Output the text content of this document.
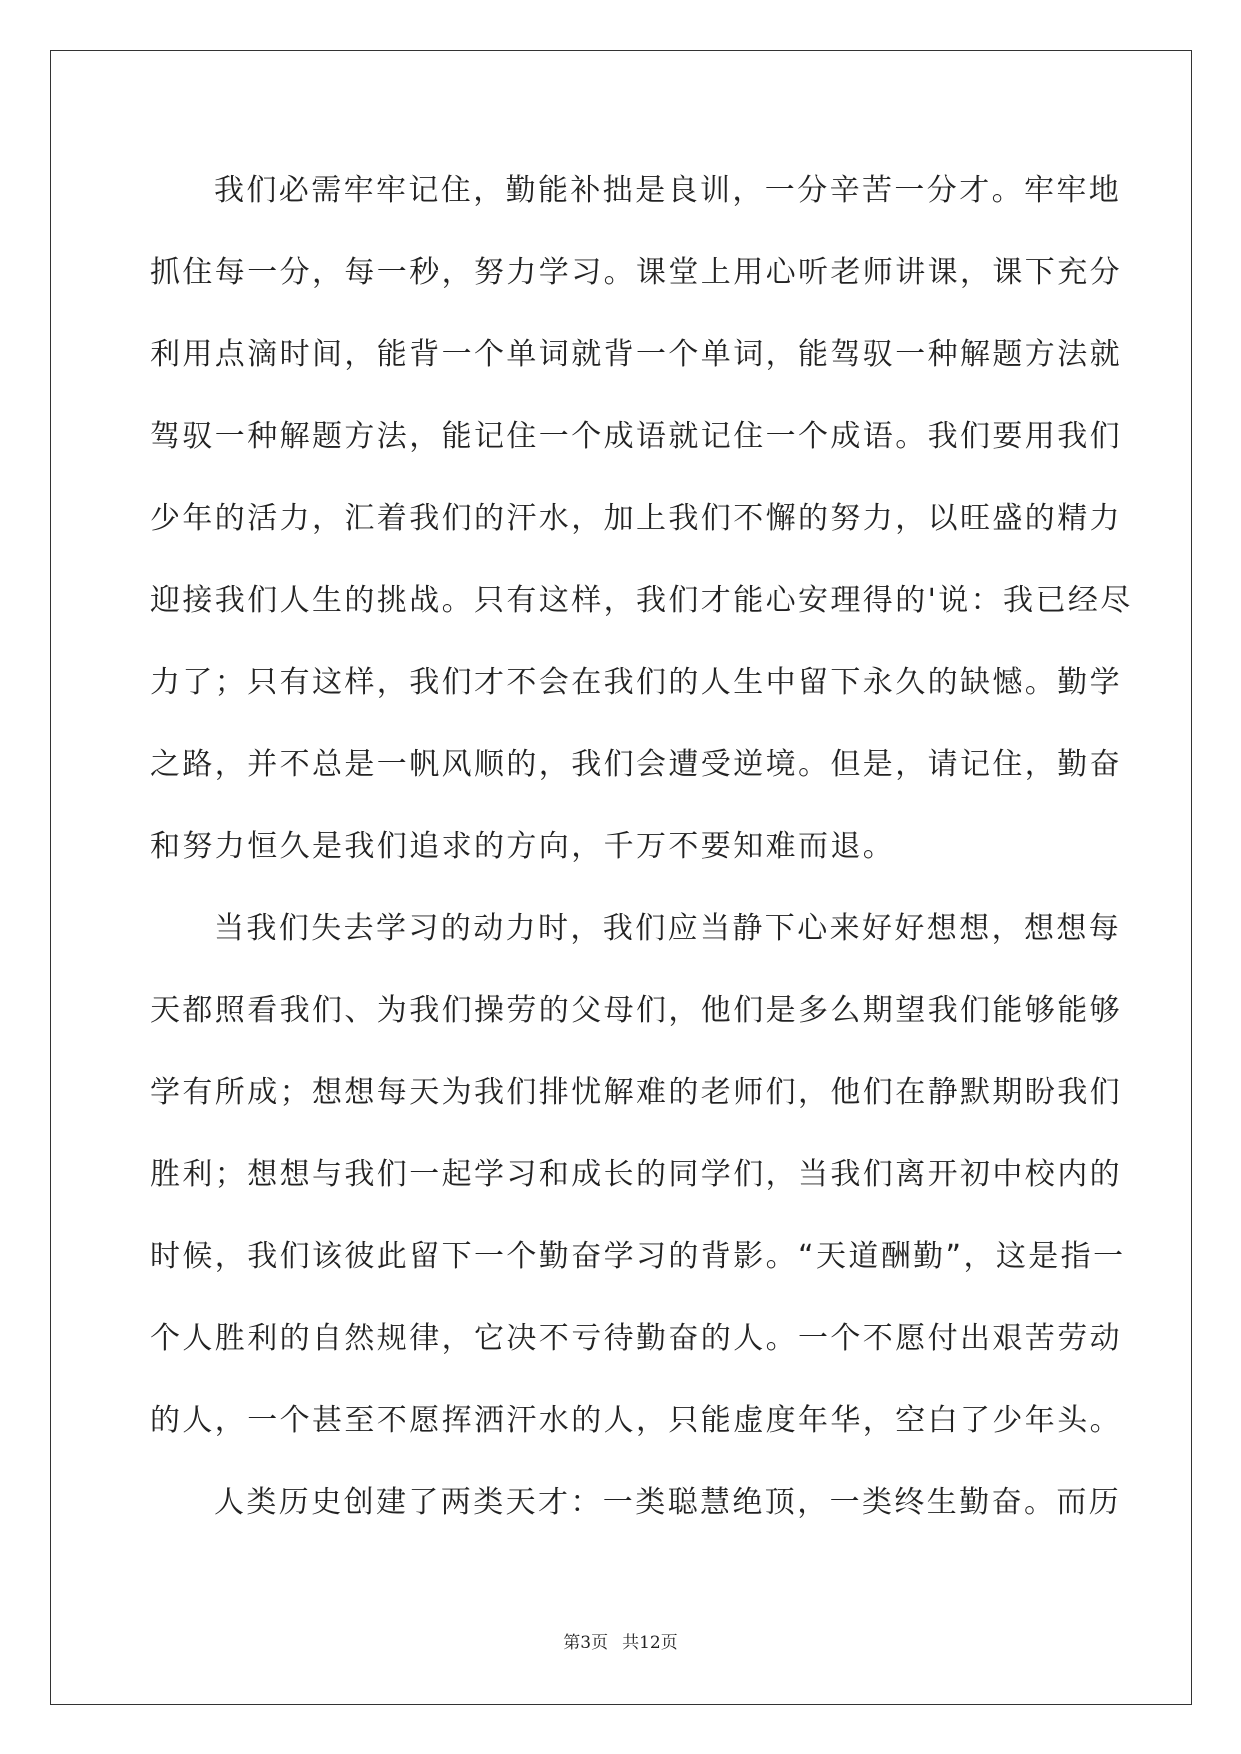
我们必需牢牢记住，勤能补拙是良训，一分辛苦一分才。牢牢地
抓住每一分，每一秒，努力学习。课堂上用心听老师讲课，课下充分
利用点滴时间，能背一个单词就背一个单词，能驾驭一种解题方法就
驾驭一种解题方法，能记住一个成语就记住一个成语。我们要用我们
少年的活力，汇着我们的汗水，加上我们不懈的努力，以旺盛的精力
迎接我们人生的挑战。只有这样，我们才能心安理得的'说：我已经尽
力了；只有这样，我们才不会在我们的人生中留下永久的缺憾。勤学
之路，并不总是一帆风顺的，我们会遭受逆境。但是，请记住，勤奋
和努力恒久是我们追求的方向，千万不要知难而退。
当我们失去学习的动力时，我们应当静下心来好好想想，想想每
天都照看我们、为我们操劳的父母们，他们是多么期望我们能够能够
学有所成；想想每天为我们排忧解难的老师们，他们在静默期盼我们
胜利；想想与我们一起学习和成长的同学们，当我们离开初中校内的
时候，我们该彼此留下一个勤奋学习的背影。“天道酬勤”，这是指一
个人胜利的自然规律，它决不亏待勤奋的人。一个不愿付出艰苦劳动
的人，一个甚至不愿挥洒汗水的人，只能虚度年华，空白了少年头。
人类历史创建了两类天才：一类聪慧绝顶，一类终生勤奋。而历
第3页 共12页
